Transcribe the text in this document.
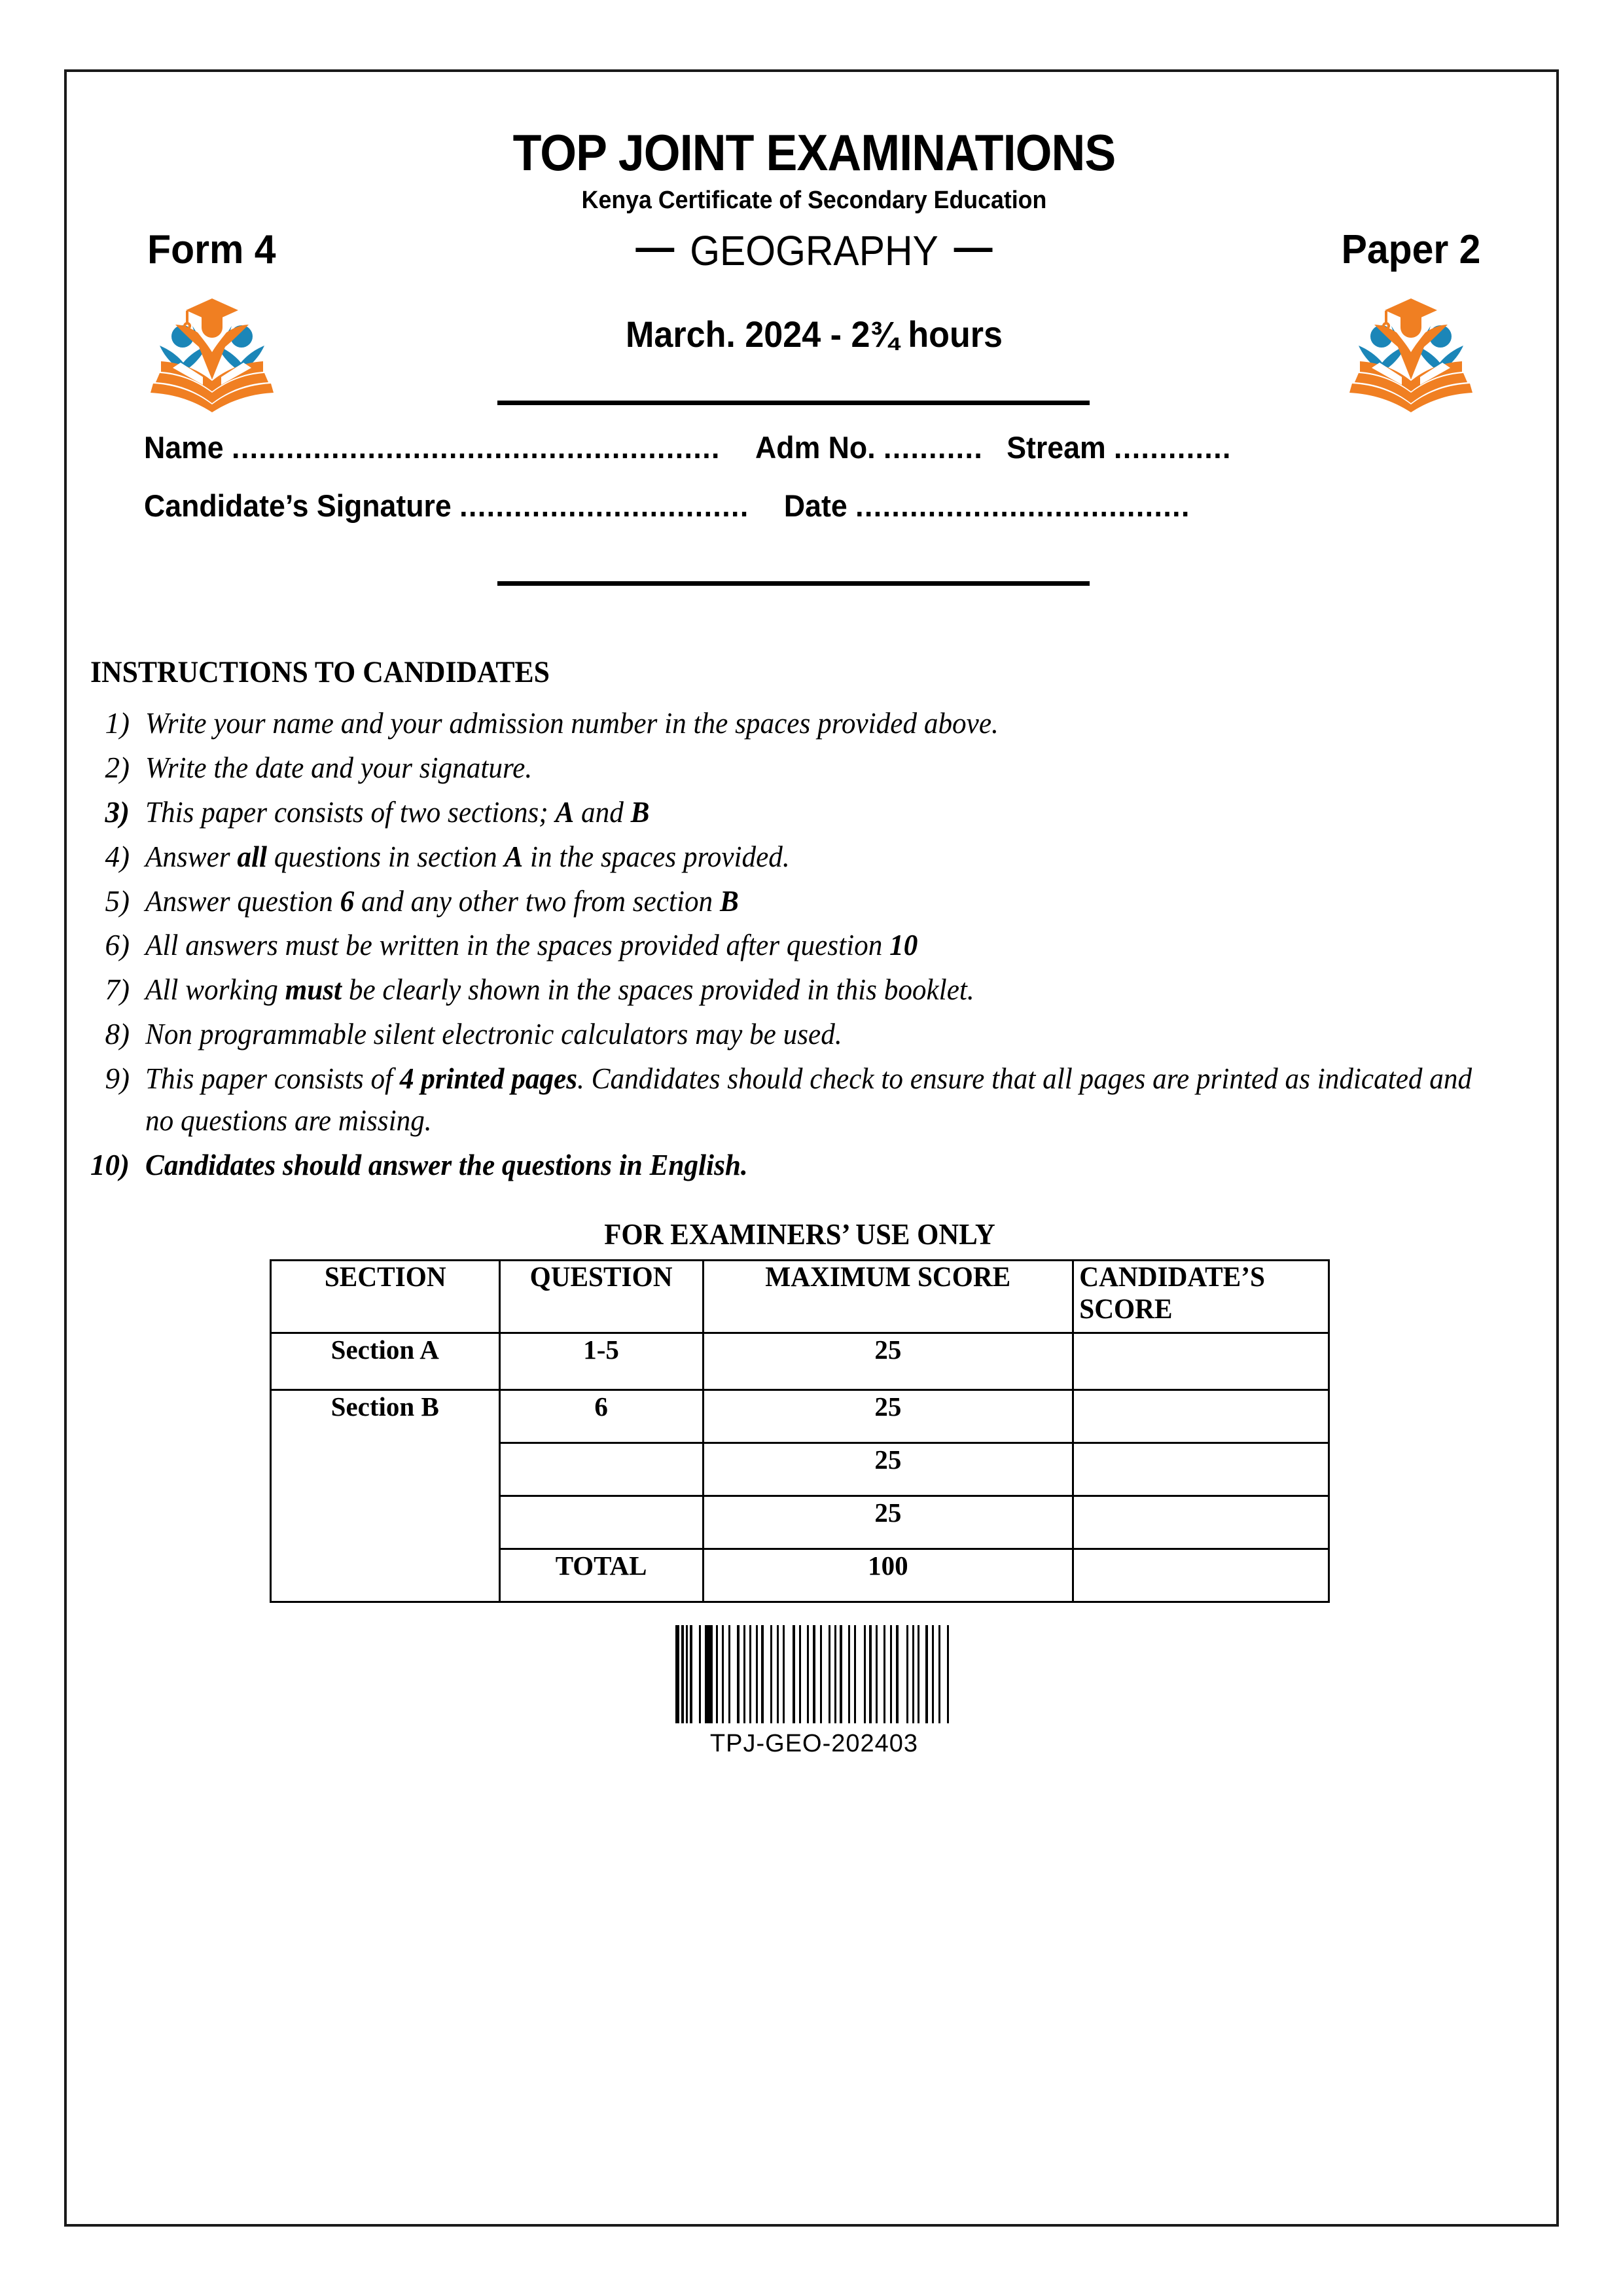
TOP JOINT EXAMINATIONS
Kenya Certificate of Secondary Education
Form 4	— GEOGRAPHY —	Paper 2
March. 2024 - 2¾ hours
Name ...................................................... Adm No. ........... Stream .............
Candidate’s Signature ................................ Date .....................................
INSTRUCTIONS TO CANDIDATES
1) Write your name and your admission number in the spaces provided above.
2) Write the date and your signature.
3) This paper consists of two sections; A and B
4) Answer all questions in section A in the spaces provided.
5) Answer question 6 and any other two from section B
6) All answers must be written in the spaces provided after question 10
7) All working must be clearly shown in the spaces provided in this booklet.
8) Non programmable silent electronic calculators may be used.
9) This paper consists of 4 printed pages. Candidates should check to ensure that all pages are printed as indicated and no questions are missing.
10) Candidates should answer the questions in English.
FOR EXAMINERS’ USE ONLY
SECTION	QUESTION	MAXIMUM SCORE	CANDIDATE’S SCORE
Section A	1-5	25	
Section B	6	25	
		25	
		25	
	TOTAL	100	
TPJ-GEO-202403
